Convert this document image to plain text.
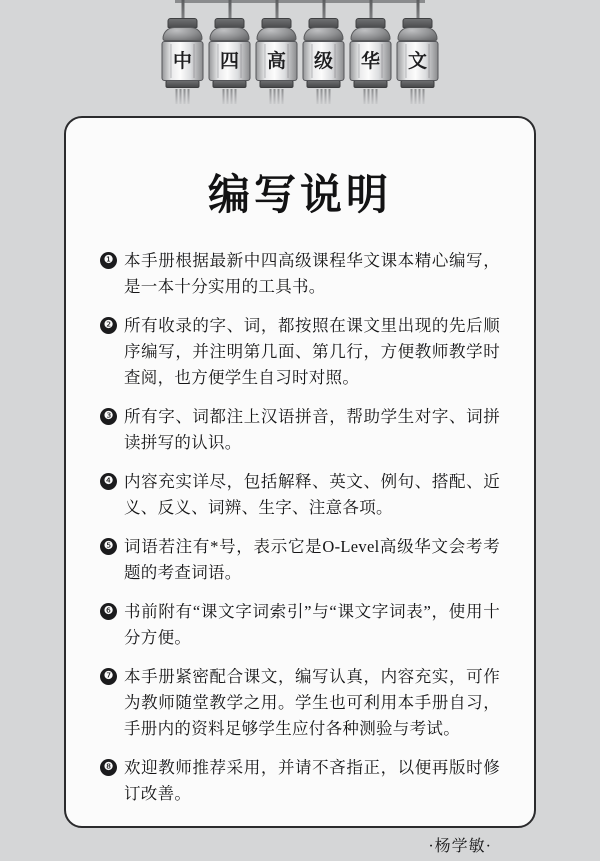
中 四 高 级 华 文
编写说明
❶ 本手册根据最新中四高级课程华文课本精心编写，是一本十分实用的工具书。
❷ 所有收录的字、词，都按照在课文里出现的先后顺序编写，并注明第几面、第几行，方便教师教学时查阅，也方便学生自习时对照。
❸ 所有字、词都注上汉语拼音，帮助学生对字、词拼读拼写的认识。
❹ 内容充实详尽，包括解释、英文、例句、搭配、近义、反义、词辨、生字、注意各项。
❺ 词语若注有*号，表示它是O-Level高级华文会考考题的考查词语。
❻ 书前附有“课文字词索引”与“课文字词表”，使用十分方便。
❼ 本手册紧密配合课文，编写认真，内容充实，可作为教师随堂教学之用。学生也可利用本手册自习，手册内的资料足够学生应付各种测验与考试。
❽ 欢迎教师推荐采用，并请不吝指正，以便再版时修订改善。
·杨学敏·
